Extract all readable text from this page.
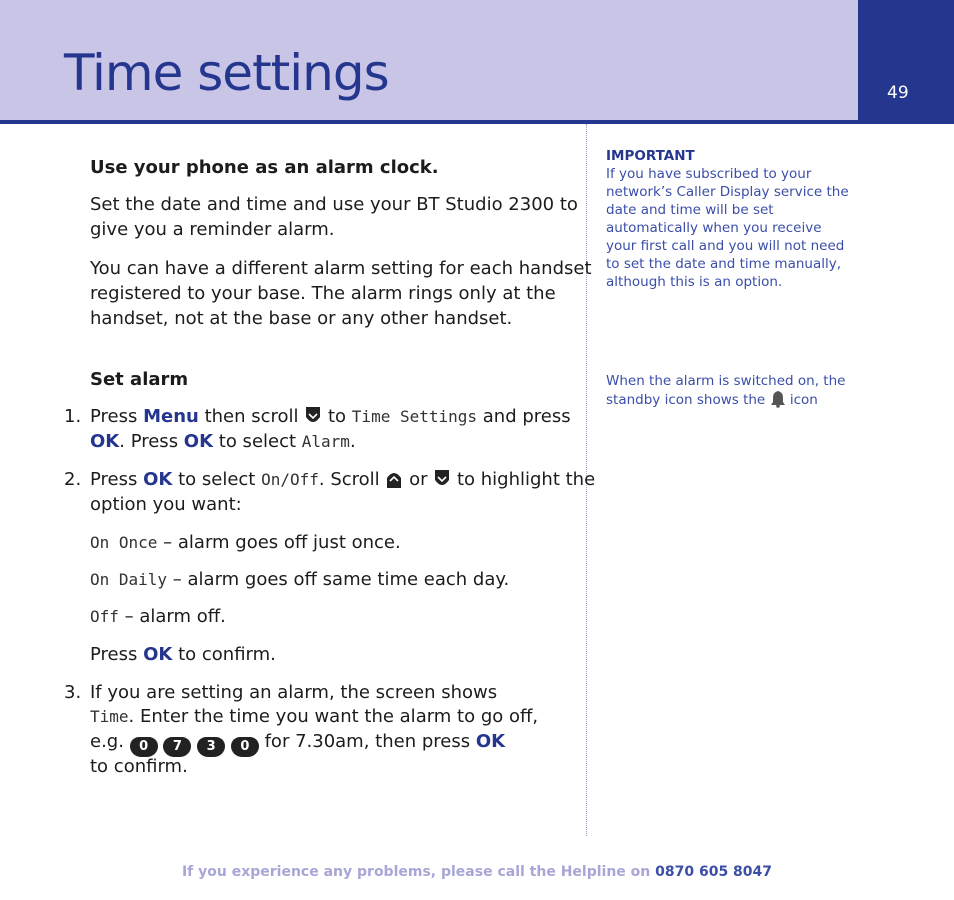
Time settings	49
Use your phone as an alarm clock.
Set the date and time and use your BT Studio 2300 to
give you a reminder alarm.
You can have a different alarm setting for each handset
registered to your base. The alarm rings only at the
handset, not at the base or any other handset.
Set alarm
1. Press Menu then scroll  to Time Settings and press
OK. Press OK to select Alarm.
2. Press OK to select On/Off. Scroll  or  to highlight the
option you want:
On Once – alarm goes off just once.
On Daily – alarm goes off same time each day.
Off – alarm off.
Press OK to confirm.
3. If you are setting an alarm, the screen shows
Time. Enter the time you want the alarm to go off,
e.g. 0 7 3 0 for 7.30am, then press OK
to confirm.
IMPORTANT
If you have subscribed to your
network’s Caller Display service the
date and time will be set
automatically when you receive
your first call and you will not need
to set the date and time manually,
although this is an option.
When the alarm is switched on, the
standby icon shows the  icon
If you experience any problems, please call the Helpline on 0870 605 8047
